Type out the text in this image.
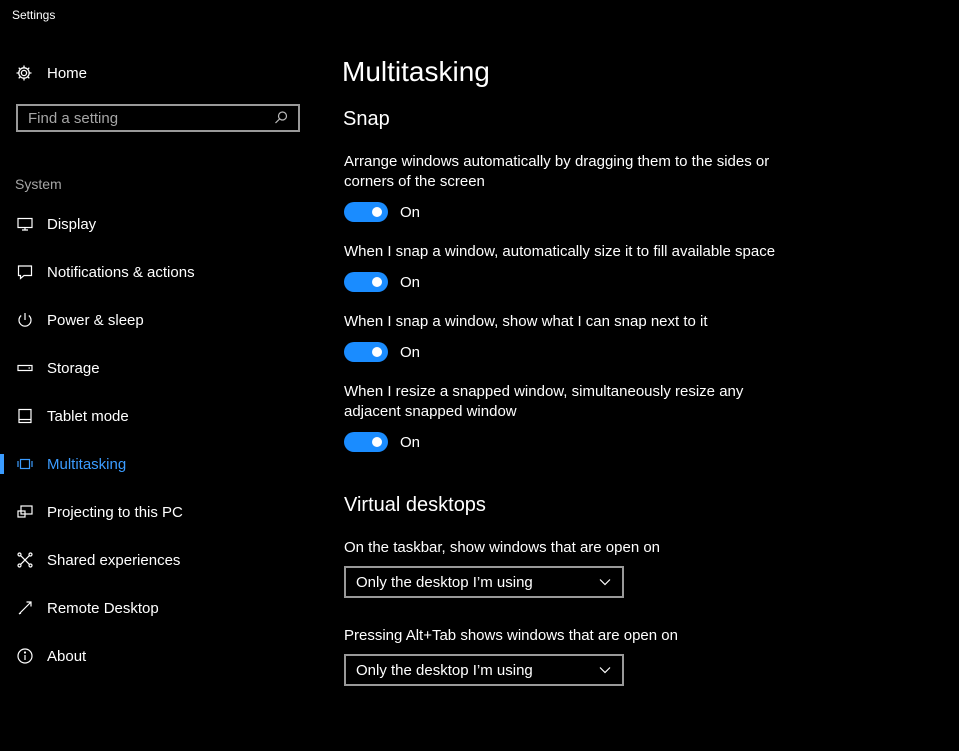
Settings
Home
Find a setting
System
Display
Notifications & actions
Power & sleep
Storage
Tablet mode
Multitasking
Projecting to this PC
Shared experiences
Remote Desktop
About
Multitasking
Snap
Arrange windows automatically by dragging them to the sides or corners of the screen
On
When I snap a window, automatically size it to fill available space
On
When I snap a window, show what I can snap next to it
On
When I resize a snapped window, simultaneously resize any adjacent snapped window
On
Virtual desktops
On the taskbar, show windows that are open on
Only the desktop I’m using
Pressing Alt+Tab shows windows that are open on
Only the desktop I’m using
